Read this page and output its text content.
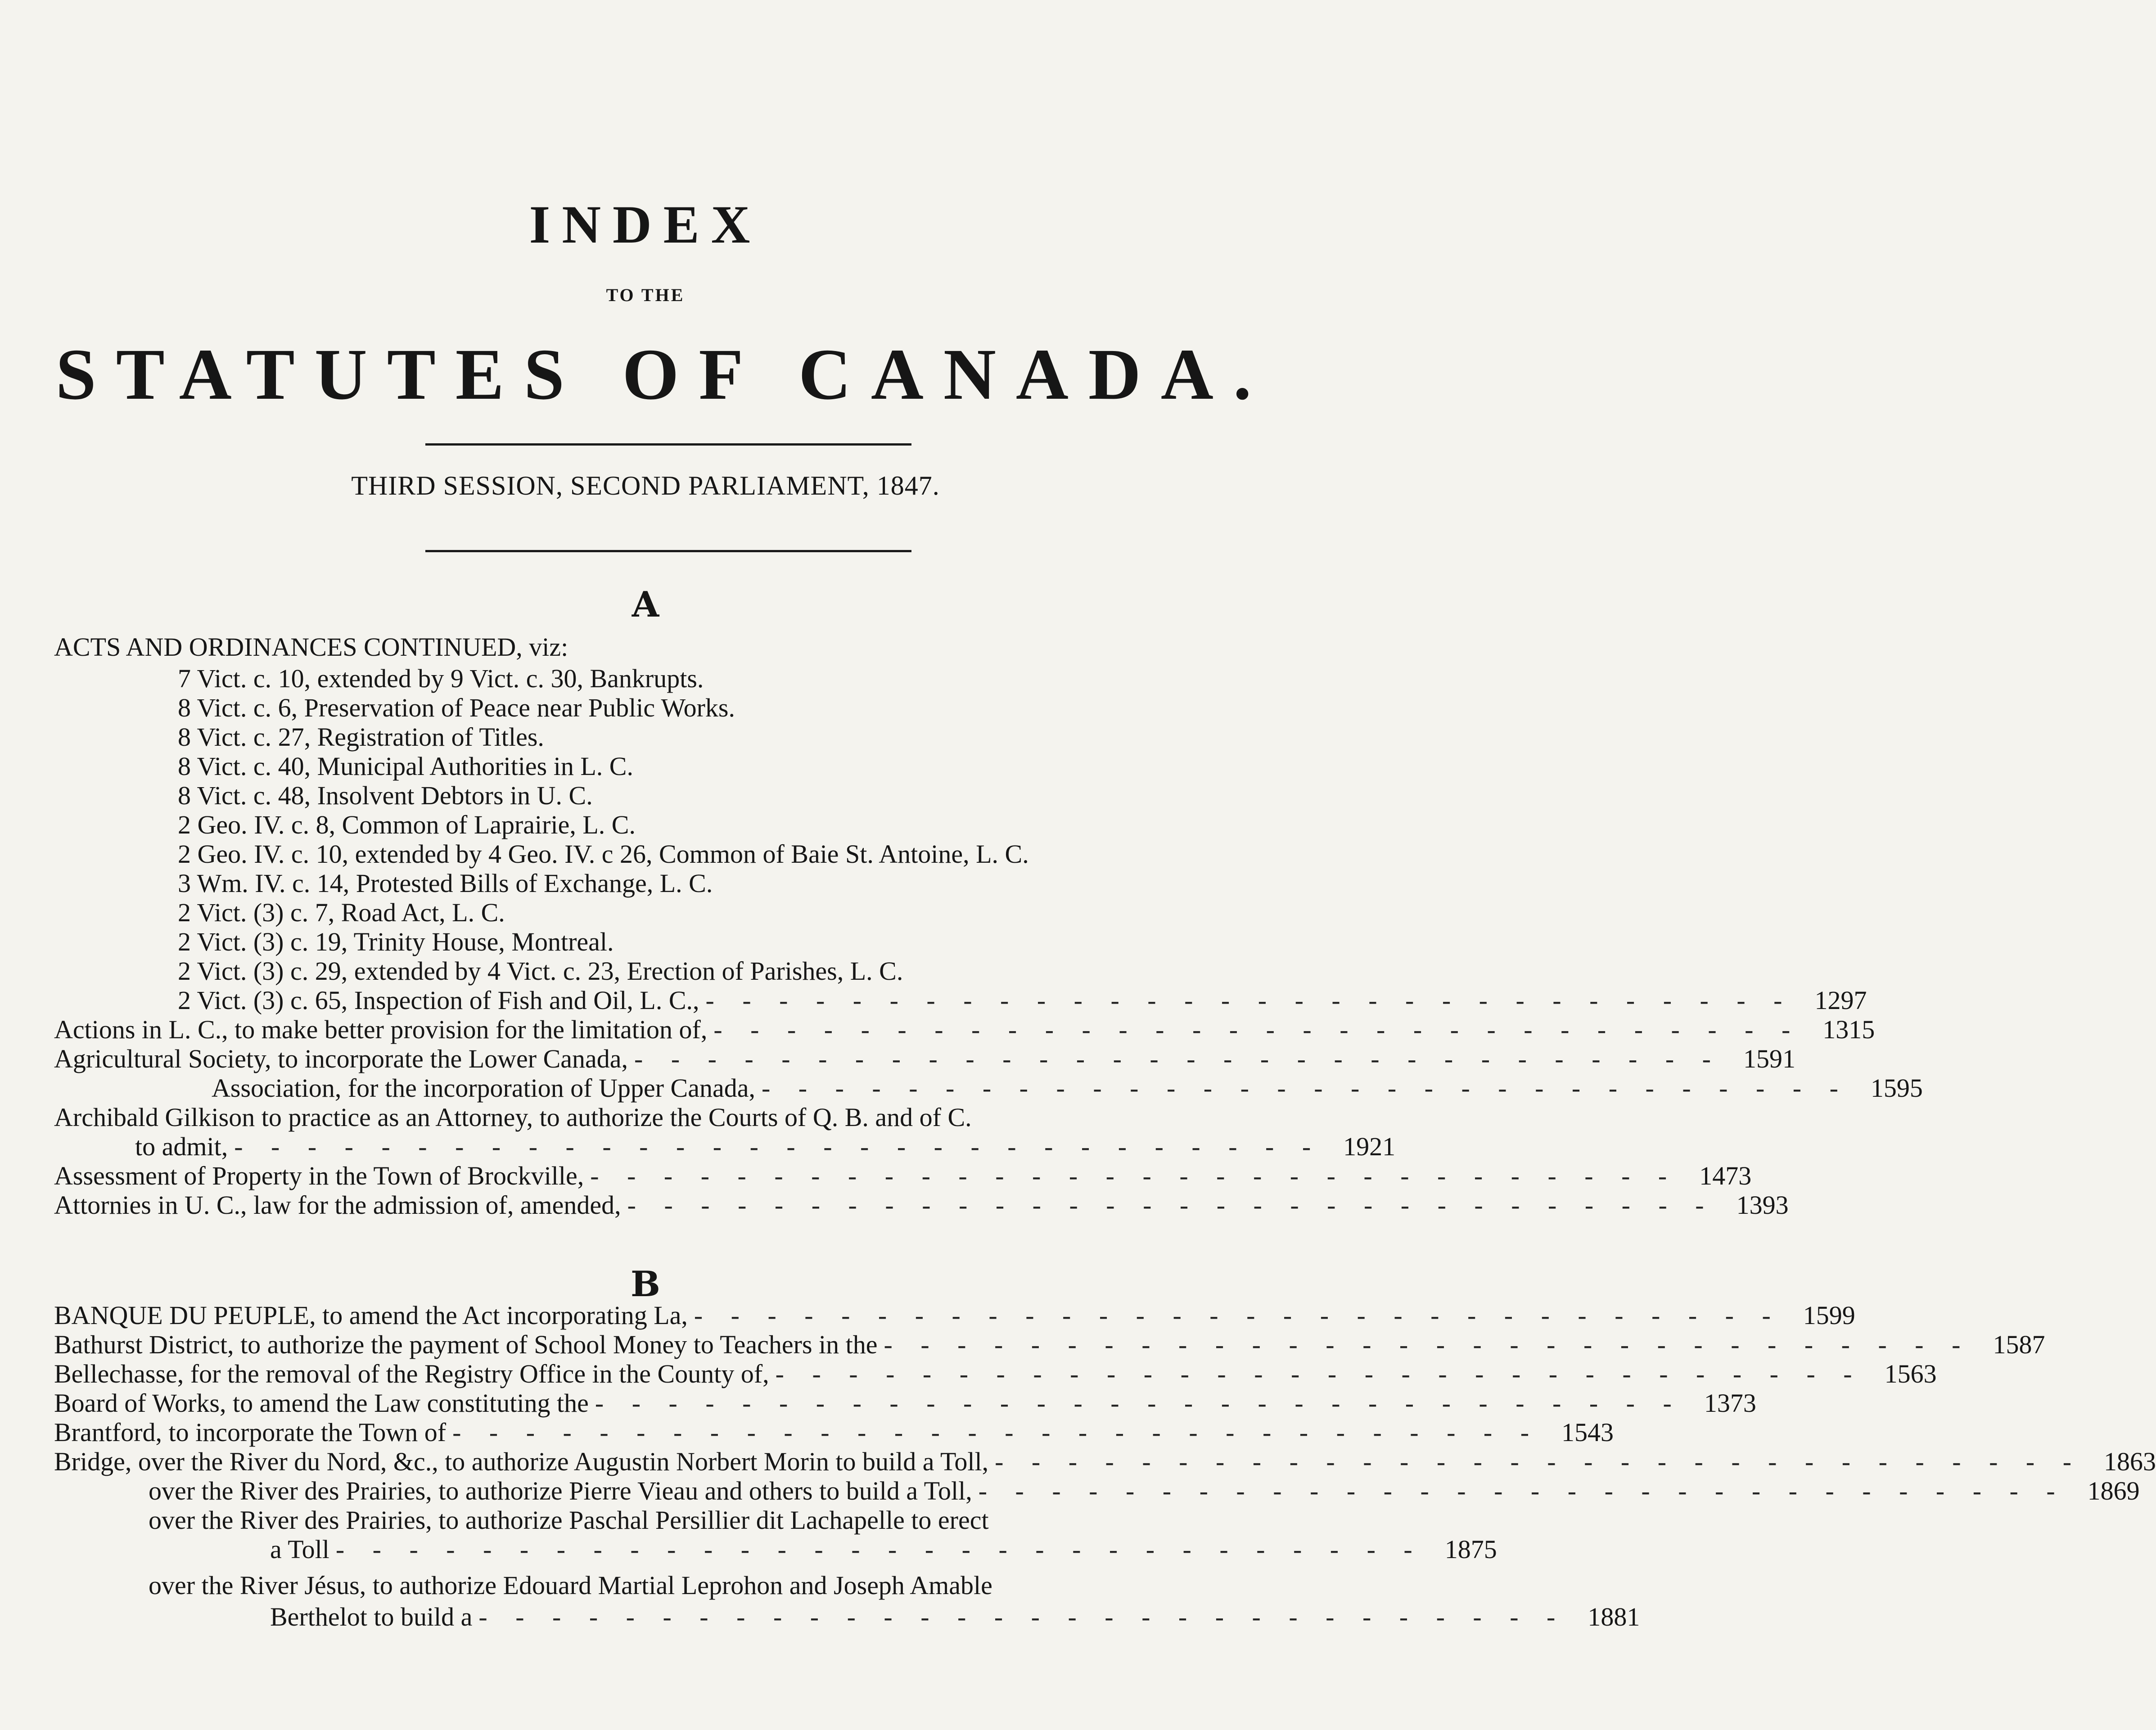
INDEX
TO THE
STATUTES OF CANADA.
THIRD SESSION, SECOND PARLIAMENT, 1847.
A
B
ACTS AND ORDINANCES CONTINUED, viz:
7 Vict. c. 10, extended by 9 Vict. c. 30, Bankrupts.
8 Vict. c. 6, Preservation of Peace near Public Works.
8 Vict. c. 27, Registration of Titles.
8 Vict. c. 40, Municipal Authorities in L. C.
8 Vict. c. 48, Insolvent Debtors in U. C.
2 Geo. IV. c. 8, Common of Laprairie, L. C.
2 Geo. IV. c. 10, extended by 4 Geo. IV. c 26, Common of Baie St. Antoine, L. C.
3 Wm. IV. c. 14, Protested Bills of Exchange, L. C.
2 Vict. (3) c. 7, Road Act, L. C.
2 Vict. (3) c. 19, Trinity House, Montreal.
2 Vict. (3) c. 29, extended by 4 Vict. c. 23, Erection of Parishes, L. C.
2 Vict. (3) c. 65, Inspection of Fish and Oil, L. C., - - - - - - - - - - - - - - - - - - - - - - - - - - - - - - 1297
Actions in L. C., to make better provision for the limitation of, - - - - - - - - - - - - - - - - - - - - - - - - - - - - - - 1315
Agricultural Society, to incorporate the Lower Canada, - - - - - - - - - - - - - - - - - - - - - - - - - - - - - - 1591
Association, for the incorporation of Upper Canada, - - - - - - - - - - - - - - - - - - - - - - - - - - - - - - 1595
Archibald Gilkison to practice as an Attorney, to authorize the Courts of Q. B. and of C.
to admit, - - - - - - - - - - - - - - - - - - - - - - - - - - - - - - 1921
Assessment of Property in the Town of Brockville, - - - - - - - - - - - - - - - - - - - - - - - - - - - - - - 1473
Attornies in U. C., law for the admission of, amended, - - - - - - - - - - - - - - - - - - - - - - - - - - - - - - 1393
BANQUE DU PEUPLE, to amend the Act incorporating La, - - - - - - - - - - - - - - - - - - - - - - - - - - - - - - 1599
Bathurst District, to authorize the payment of School Money to Teachers in the - - - - - - - - - - - - - - - - - - - - - - - - - - - - - - 1587
Bellechasse, for the removal of the Registry Office in the County of, - - - - - - - - - - - - - - - - - - - - - - - - - - - - - - 1563
Board of Works, to amend the Law constituting the - - - - - - - - - - - - - - - - - - - - - - - - - - - - - - 1373
Brantford, to incorporate the Town of - - - - - - - - - - - - - - - - - - - - - - - - - - - - - - 1543
Bridge, over the River du Nord, &c., to authorize Augustin Norbert Morin to build a Toll, - - - - - - - - - - - - - - - - - - - - - - - - - - - - - - 1863
over the River des Prairies, to authorize Pierre Vieau and others to build a Toll, - - - - - - - - - - - - - - - - - - - - - - - - - - - - - - 1869
over the River des Prairies, to authorize Paschal Persillier dit Lachapelle to erect
a Toll - - - - - - - - - - - - - - - - - - - - - - - - - - - - - - 1875
over the River Jésus, to authorize Edouard Martial Leprohon and Joseph Amable
Berthelot to build a - - - - - - - - - - - - - - - - - - - - - - - - - - - - - - 1881
